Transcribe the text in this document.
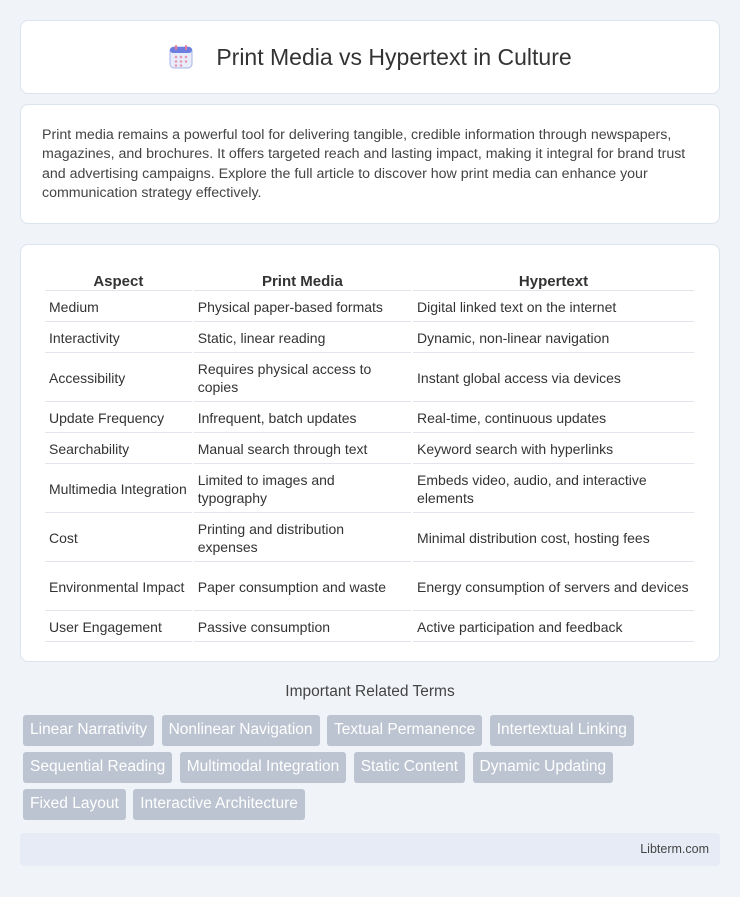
Print Media vs Hypertext in Culture

Print media remains a powerful tool for delivering tangible, credible information through newspapers, magazines, and brochures. It offers targeted reach and lasting impact, making it integral for brand trust and advertising campaigns. Explore the full article to discover how print media can enhance your communication strategy effectively.

Aspect	Print Media	Hypertext
Medium	Physical paper-based formats	Digital linked text on the internet
Interactivity	Static, linear reading	Dynamic, non-linear navigation
Accessibility	Requires physical access to copies	Instant global access via devices
Update Frequency	Infrequent, batch updates	Real-time, continuous updates
Searchability	Manual search through text	Keyword search with hyperlinks
Multimedia Integration	Limited to images and typography	Embeds video, audio, and interactive elements
Cost	Printing and distribution expenses	Minimal distribution cost, hosting fees
Environmental Impact	Paper consumption and waste	Energy consumption of servers and devices
User Engagement	Passive consumption	Active participation and feedback
Important Related Terms
Linear Narrativity Nonlinear Navigation Textual Permanence Intertextual Linking Sequential Reading Multimodal Integration Static Content Dynamic Updating Fixed Layout Interactive Architecture
Libterm.com
